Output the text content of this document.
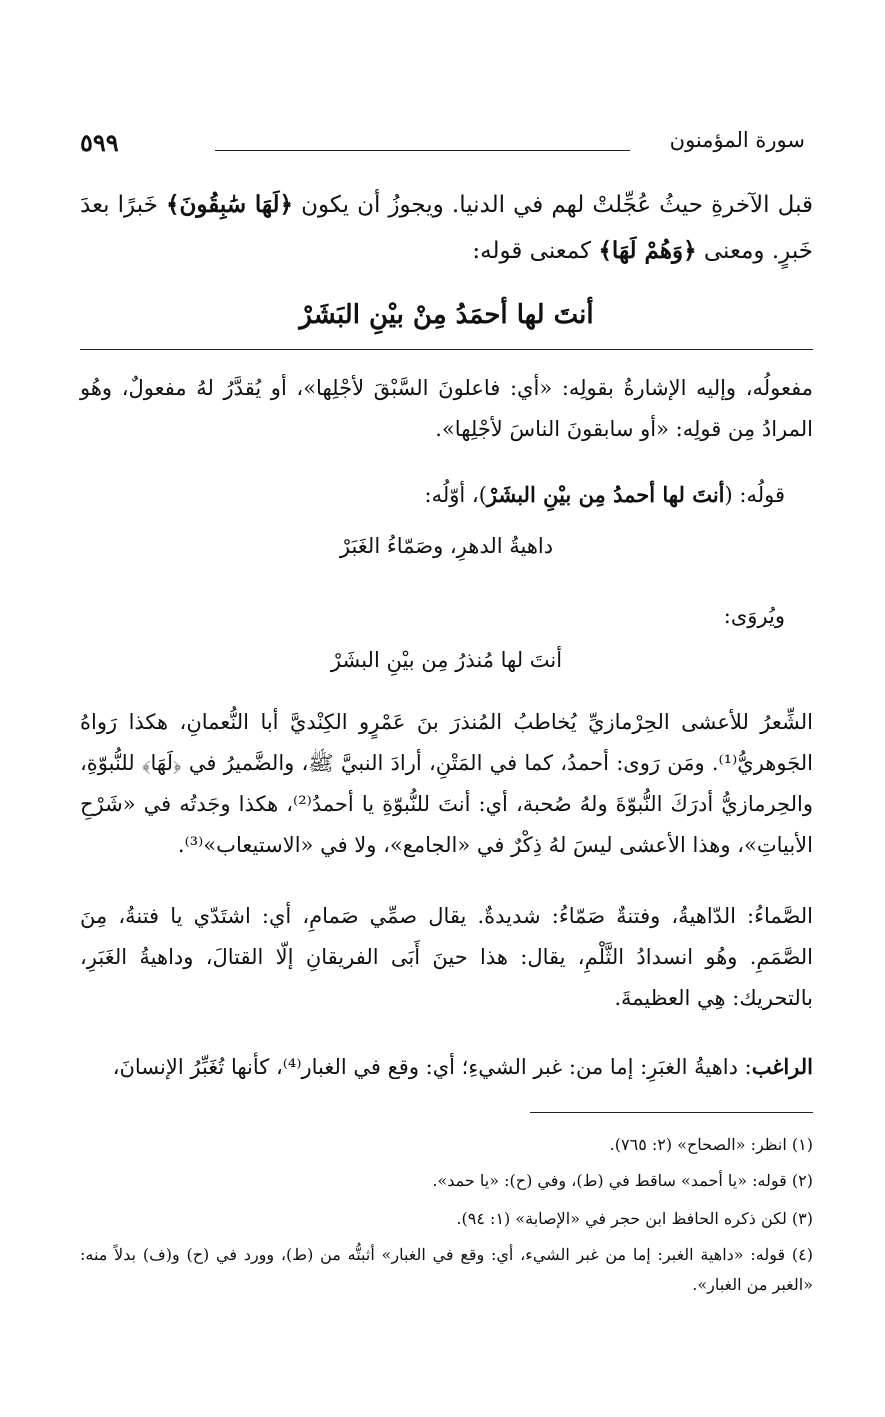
٥٩٩	سورة المؤمنون
قبل الآخرةِ حيثُ عُجِّلتْ لهم في الدنيا. ويجوزُ أن يكون ﴿لَهَا سَٰبِقُونَ﴾ خَبرًا بعدَ خَبرٍ. ومعنى ﴿وَهُمْ لَهَا﴾ كمعنى قوله:
أنتَ لها أحمَدُ مِنْ بيْنِ البَشَرْ
مفعولُه، وإليه الإشارةُ بقولِه: «أي: فاعلونَ السَّبْقَ لأجْلِها»، أو يُقدَّرُ لهُ مفعولٌ، وهُو المرادُ مِن قولِه: «أو سابقونَ الناسَ لأجْلِها».
قولُه: (أنتَ لها أحمدُ مِن بيْنِ البشَرْ)، أوّلُه:
داهيةُ الدهرِ، وصَمّاءُ الغَبَرْ
ويُروَى:
أنتَ لها مُنذرُ مِن بيْنِ البشَرْ
الشِّعرُ للأعشى الحِرْمازيِّ يُخاطبُ المُنذرَ بنَ عَمْرٍو الكِنْديَّ أبا النُّعمانِ، هكذا رَواهُ الجَوهريُّ⁽¹⁾. ومَن رَوى: أحمدُ، كما في المَتْنِ، أرادَ النبيَّ ﷺ، والضَّميرُ في ﴿لَهَا﴾ للنُّبوّةِ، والحِرمازيُّ أدرَكَ النُّبوّةَ ولهُ صُحبة، أي: أنتَ للنُّبوّةِ يا أحمدُ⁽²⁾، هكذا وجَدتُه في «شَرْحِ الأبياتِ»، وهذا الأعشى ليسَ لهُ ذِكْرٌ في «الجامع»، ولا في «الاستيعاب»⁽³⁾.
الصَّماءُ: الدّاهيةُ، وفتنةٌ صَمّاءُ: شديدةٌ. يقال صمِّي صَمامِ، أي: اشتَدّي يا فتنةُ، مِنَ الصَّمَمِ. وهُو انسدادُ الثَّلْمِ، يقال: هذا حينَ أَبَى الفريقانِ إلّا القتالَ، وداهيةُ الغَبَرِ، بالتحريك: هِي العظيمةَ.
الراغب: داهيةُ الغبَرِ: إما من: غبر الشيءِ؛ أي: وقع في الغبار⁽⁴⁾، كأنها تُغَبِّرُ الإنسانَ،
(١) انظر: «الصحاح» (٢: ٧٦٥).
(٢) قوله: «يا أحمد» ساقط في (ط)، وفي (ح): «يا حمد».
(٣) لكن ذكره الحافظ ابن حجر في «الإصابة» (١: ٩٤).
(٤) قوله: «داهية الغبر: إما من غبر الشيء، أي: وقع في الغبار» أثبتُّه من (ط)، وورد في (ح) و(ف) بدلاً منه: «الغبر من الغبار».
